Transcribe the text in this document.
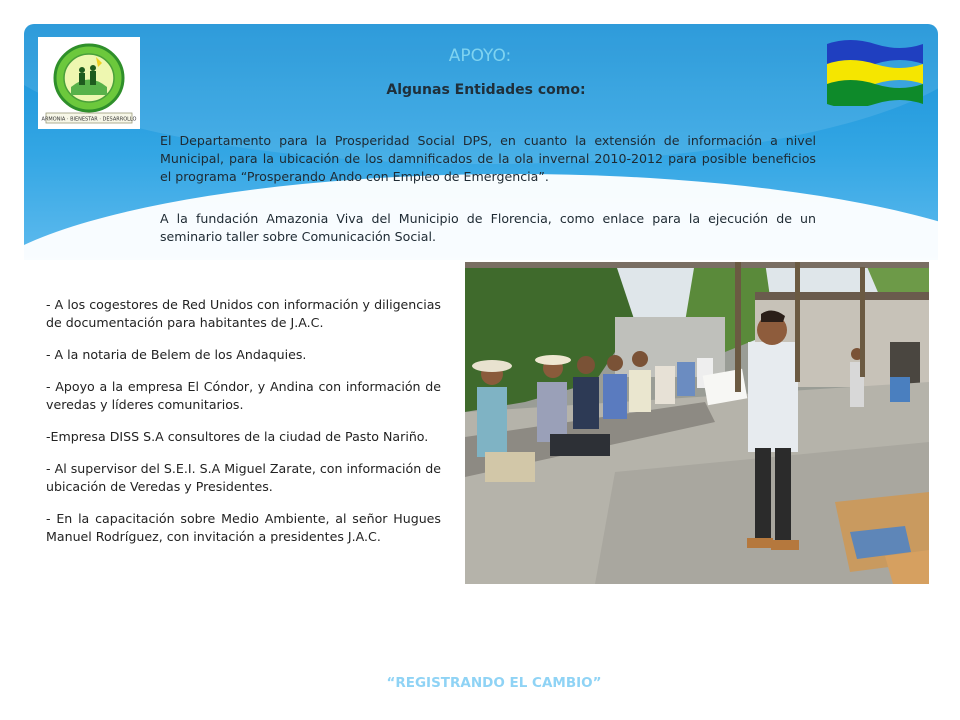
ARMONIA · BIENESTAR · DESARROLLO
APOYO:
Algunas Entidades como:

El Departamento para la Prosperidad Social DPS, en cuanto la extensión de información a nivel Municipal, para la ubicación de los damnificados de la ola invernal 2010-2012 para posible beneficios el programa “Prosperando Ando con Empleo de Emergencia”.

A la fundación Amazonia Viva del Municipio de Florencia, como enlace para la ejecución de un seminario taller sobre Comunicación Social.

- A los cogestores de Red Unidos con información y diligencias de documentación para habitantes de J.A.C.

- A la notaria de Belem de los Andaquies.

- Apoyo a la empresa El Cóndor, y Andina con información de veredas y líderes comunitarios.

-Empresa DISS S.A consultores de la ciudad de Pasto Nariño.

- Al supervisor del S.E.I. S.A Miguel Zarate, con información de ubicación de Veredas y Presidentes.

- En la capacitación sobre Medio Ambiente, al señor Hugues Manuel Rodríguez, con invitación a presidentes J.A.C.

“REGISTRANDO EL CAMBIO”
